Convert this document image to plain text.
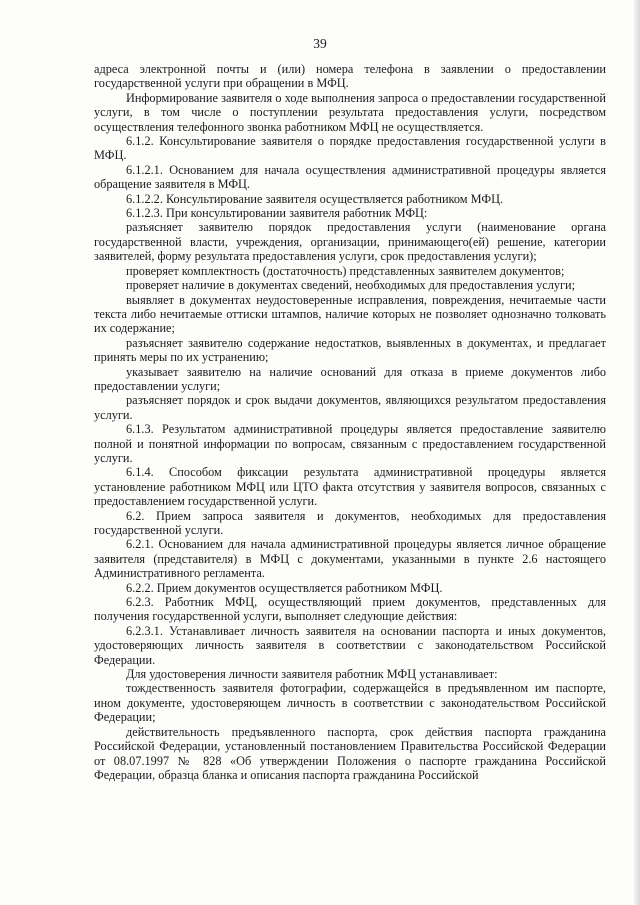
39

адреса электронной почты и (или) номера телефона в заявлении о предоставлении государственной услуги при обращении в МФЦ.

Информирование заявителя о ходе выполнения запроса о предоставлении государственной услуги, в том числе о поступлении результата предоставления услуги, посредством осуществления телефонного звонка работником МФЦ не осуществляется.

6.1.2. Консультирование заявителя о порядке предоставления государственной услуги в МФЦ.

6.1.2.1. Основанием для начала осуществления административной процедуры является обращение заявителя в МФЦ.

6.1.2.2. Консультирование заявителя осуществляется работником МФЦ.

6.1.2.3. При консультировании заявителя работник МФЦ:

разъясняет заявителю порядок предоставления услуги (наименование органа государственной власти, учреждения, организации, принимающего(ей) решение, категории заявителей, форму результата предоставления услуги, срок предоставления услуги);

проверяет комплектность (достаточность) представленных заявителем документов;

проверяет наличие в документах сведений, необходимых для предоставления услуги;

выявляет в документах неудостоверенные исправления, повреждения, нечитаемые части текста либо нечитаемые оттиски штампов, наличие которых не позволяет однозначно толковать их содержание;

разъясняет заявителю содержание недостатков, выявленных в документах, и предлагает принять меры по их устранению;

указывает заявителю на наличие оснований для отказа в приеме документов либо предоставлении услуги;

разъясняет порядок и срок выдачи документов, являющихся результатом предоставления услуги.

6.1.3. Результатом административной процедуры является предоставление заявителю полной и понятной информации по вопросам, связанным с предоставлением государственной услуги.

6.1.4. Способом фиксации результата административной процедуры является установление работником МФЦ или ЦТО факта отсутствия у заявителя вопросов, связанных с предоставлением государственной услуги.

6.2. Прием запроса заявителя и документов, необходимых для предоставления государственной услуги.

6.2.1. Основанием для начала административной процедуры является личное обращение заявителя (представителя) в МФЦ с документами, указанными в пункте 2.6 настоящего Административного регламента.

6.2.2. Прием документов осуществляется работником МФЦ.

6.2.3. Работник МФЦ, осуществляющий прием документов, представленных для получения государственной услуги, выполняет следующие действия:

6.2.3.1. Устанавливает личность заявителя на основании паспорта и иных документов, удостоверяющих личность заявителя в соответствии с законодательством Российской Федерации.

Для удостоверения личности заявителя работник МФЦ устанавливает:

тождественность заявителя фотографии, содержащейся в предъявленном им паспорте, ином документе, удостоверяющем личность в соответствии с законодательством Российской Федерации;

действительность предъявленного паспорта, срок действия паспорта гражданина Российской Федерации, установленный постановлением Правительства Российской Федерации от 08.07.1997 № 828 «Об утверждении Положения о паспорте гражданина Российской Федерации, образца бланка и описания паспорта гражданина Российской
